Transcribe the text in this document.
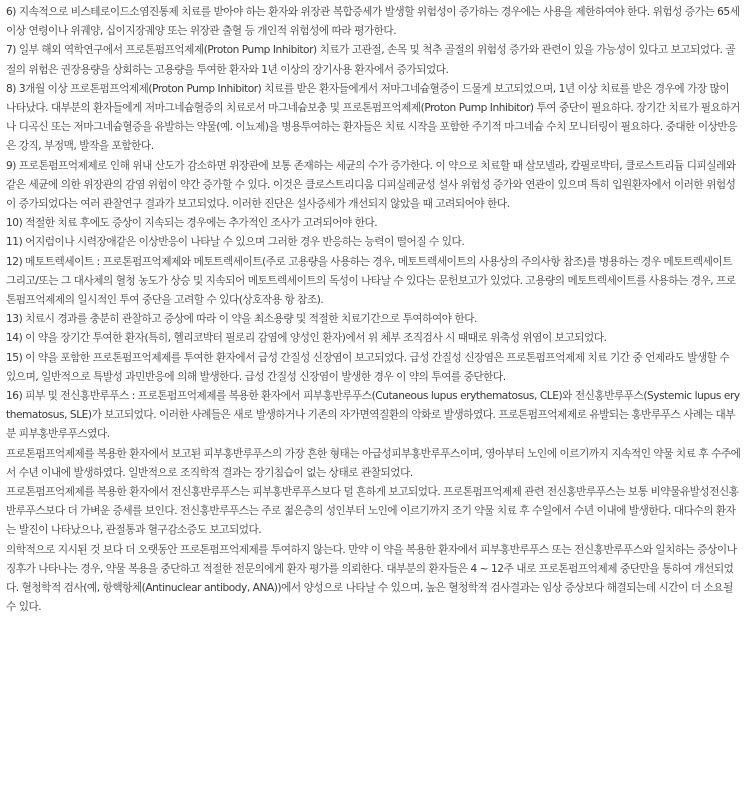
6) 지속적으로 비스테로이드소염진통제 치료를 받아야 하는 환자와 위장관 복합증세가 발생할 위험성이 증가하는 경우에는 사용을 제한하여야 한다. 위험성 증가는 65세 이상 연령이나 위궤양, 십이지장궤양 또는 위장관 출혈 등 개인적 위험성에 따라 평가한다.

7) 일부 해외 역학연구에서 프로톤펌프억제제(Proton Pump Inhibitor) 치료가 고관절, 손목 및 척추 골절의 위험성 증가와 관련이 있을 가능성이 있다고 보고되었다. 골절의 위험은 권장용량을 상회하는 고용량을 투여한 환자와 1년 이상의 장기사용 환자에서 증가되었다.

8) 3개월 이상 프로톤펌프억제제(Proton Pump Inhibitor) 치료를 받은 환자들에게서 저마그네슘혈증이 드물게 보고되었으며, 1년 이상 치료를 받은 경우에 가장 많이 나타났다. 대부분의 환자들에게 저마그네슘혈증의 치료로서 마그네슘보충 및 프로톤펌프억제제(Proton Pump Inhibitor) 투여 중단이 필요하다. 장기간 치료가 필요하거나 디곡신 또는 저마그네슘혈증을 유발하는 약물(예. 이뇨제)을 병용투여하는 환자들은 치료 시작을 포함한 주기적 마그네슘 수치 모니터링이 필요하다. 중대한 이상반응은 강직, 부정맥, 발작을 포함한다.

9) 프로톤펌프억제제로 인해 위내 산도가 감소하면 위장관에 보통 존재하는 세균의 수가 증가한다. 이 약으로 치료할 때 살모넬라, 캄필로박터, 클로스트리듐 디피실레와 같은 세균에 의한 위장관의 감염 위험이 약간 증가할 수 있다. 이것은 클로스트리디움 디피실레균성 설사 위험성 증가와 연관이 있으며 특히 입원환자에서 이러한 위험성이 증가되었다는 여러 관찰연구 결과가 보고되었다. 이러한 진단은 설사증세가 개선되지 않았을 때 고려되어야 한다.

10) 적절한 치료 후에도 증상이 지속되는 경우에는 추가적인 조사가 고려되어야 한다.

11) 어지럼이나 시력장애같은 이상반응이 나타날 수 있으며 그러한 경우 반응하는 능력이 떨어질 수 있다.

12) 메토트렉세이트 : 프로톤펌프억제제와 메토트렉세이트(주로 고용량을 사용하는 경우, 메토트렉세이트의 사용상의 주의사항 참조)를 병용하는 경우 메토트렉세이트 그리고/또는 그 대사체의 혈청 농도가 상승 및 지속되어 메토트렉세이트의 독성이 나타날 수 있다는 문헌보고가 있었다. 고용량의 메토트렉세이트를 사용하는 경우, 프로톤펌프억제제의 일시적인 투여 중단을 고려할 수 있다(상호작용 항 참조).

13) 치료시 경과를 충분히 관찰하고 증상에 따라 이 약을 최소용량 및 적절한 치료기간으로 투여하여야 한다.

14) 이 약을 장기간 투여한 환자(특히, 헬리코박터 필로리 감염에 양성인 환자)에서 위 체부 조직검사 시 때때로 위축성 위염이 보고되었다.

15) 이 약을 포함한 프로톤펌프억제제를 투여한 환자에서 급성 간질성 신장염이 보고되었다. 급성 간질성 신장염은 프로톤펌프억제제 치료 기간 중 언제라도 발생할 수 있으며, 일반적으로 특발성 과민반응에 의해 발생한다. 급성 간질성 신장염이 발생한 경우 이 약의 투여를 중단한다.

16) 피부 및 전신홍반루푸스 : 프로톤펌프억제제를 복용한 환자에서 피부홍반루푸스(Cutaneous lupus erythematosus, CLE)와 전신홍반루푸스(Systemic lupus erythematosus, SLE)가 보고되었다. 이러한 사례들은 새로 발생하거나 기존의 자가면역질환의 악화로 발생하였다. 프로톤펌프억제제로 유발되는 홍반루푸스 사례는 대부분 피부홍반루푸스였다.

프로톤펌프억제제를 복용한 환자에서 보고된 피부홍반루푸스의 가장 흔한 형태는 아급성피부홍반루푸스이며, 영아부터 노인에 이르기까지 지속적인 약물 치료 후 수주에서 수년 이내에 발생하였다. 일반적으로 조직학적 결과는 장기침습이 없는 상태로 관찰되었다.

프로톤펌프억제제를 복용한 환자에서 전신홍반루푸스는 피부홍반루푸스보다 덜 흔하게 보고되었다. 프로톤펌프억제제 관련 전신홍반루푸스는 보통 비약물유발성전신홍반루푸스보다 더 가벼운 증세를 보인다. 전신홍반루푸스는 주로 젊은층의 성인부터 노인에 이르기까지 조기 약물 치료 후 수일에서 수년 이내에 발생한다. 대다수의 환자는 발진이 나타났으나, 관절통과 혈구감소증도 보고되었다.

의학적으로 지시된 것 보다 더 오랫동안 프로톤펌프억제제를 투여하지 않는다. 만약 이 약을 복용한 환자에서 피부홍반루푸스 또는 전신홍반루푸스와 일치하는 증상이나 징후가 나타나는 경우, 약물 복용을 중단하고 적절한 전문의에게 환자 평가를 의뢰한다. 대부분의 환자들은 4 ~ 12주 내로 프로톤펌프억제제 중단만을 통하여 개선되었다. 혈청학적 검사(예, 항핵항체(Antinuclear antibody, ANA))에서 양성으로 나타날 수 있으며, 높은 혈청학적 검사결과는 임상 증상보다 해결되는데 시간이 더 소요될 수 있다.
